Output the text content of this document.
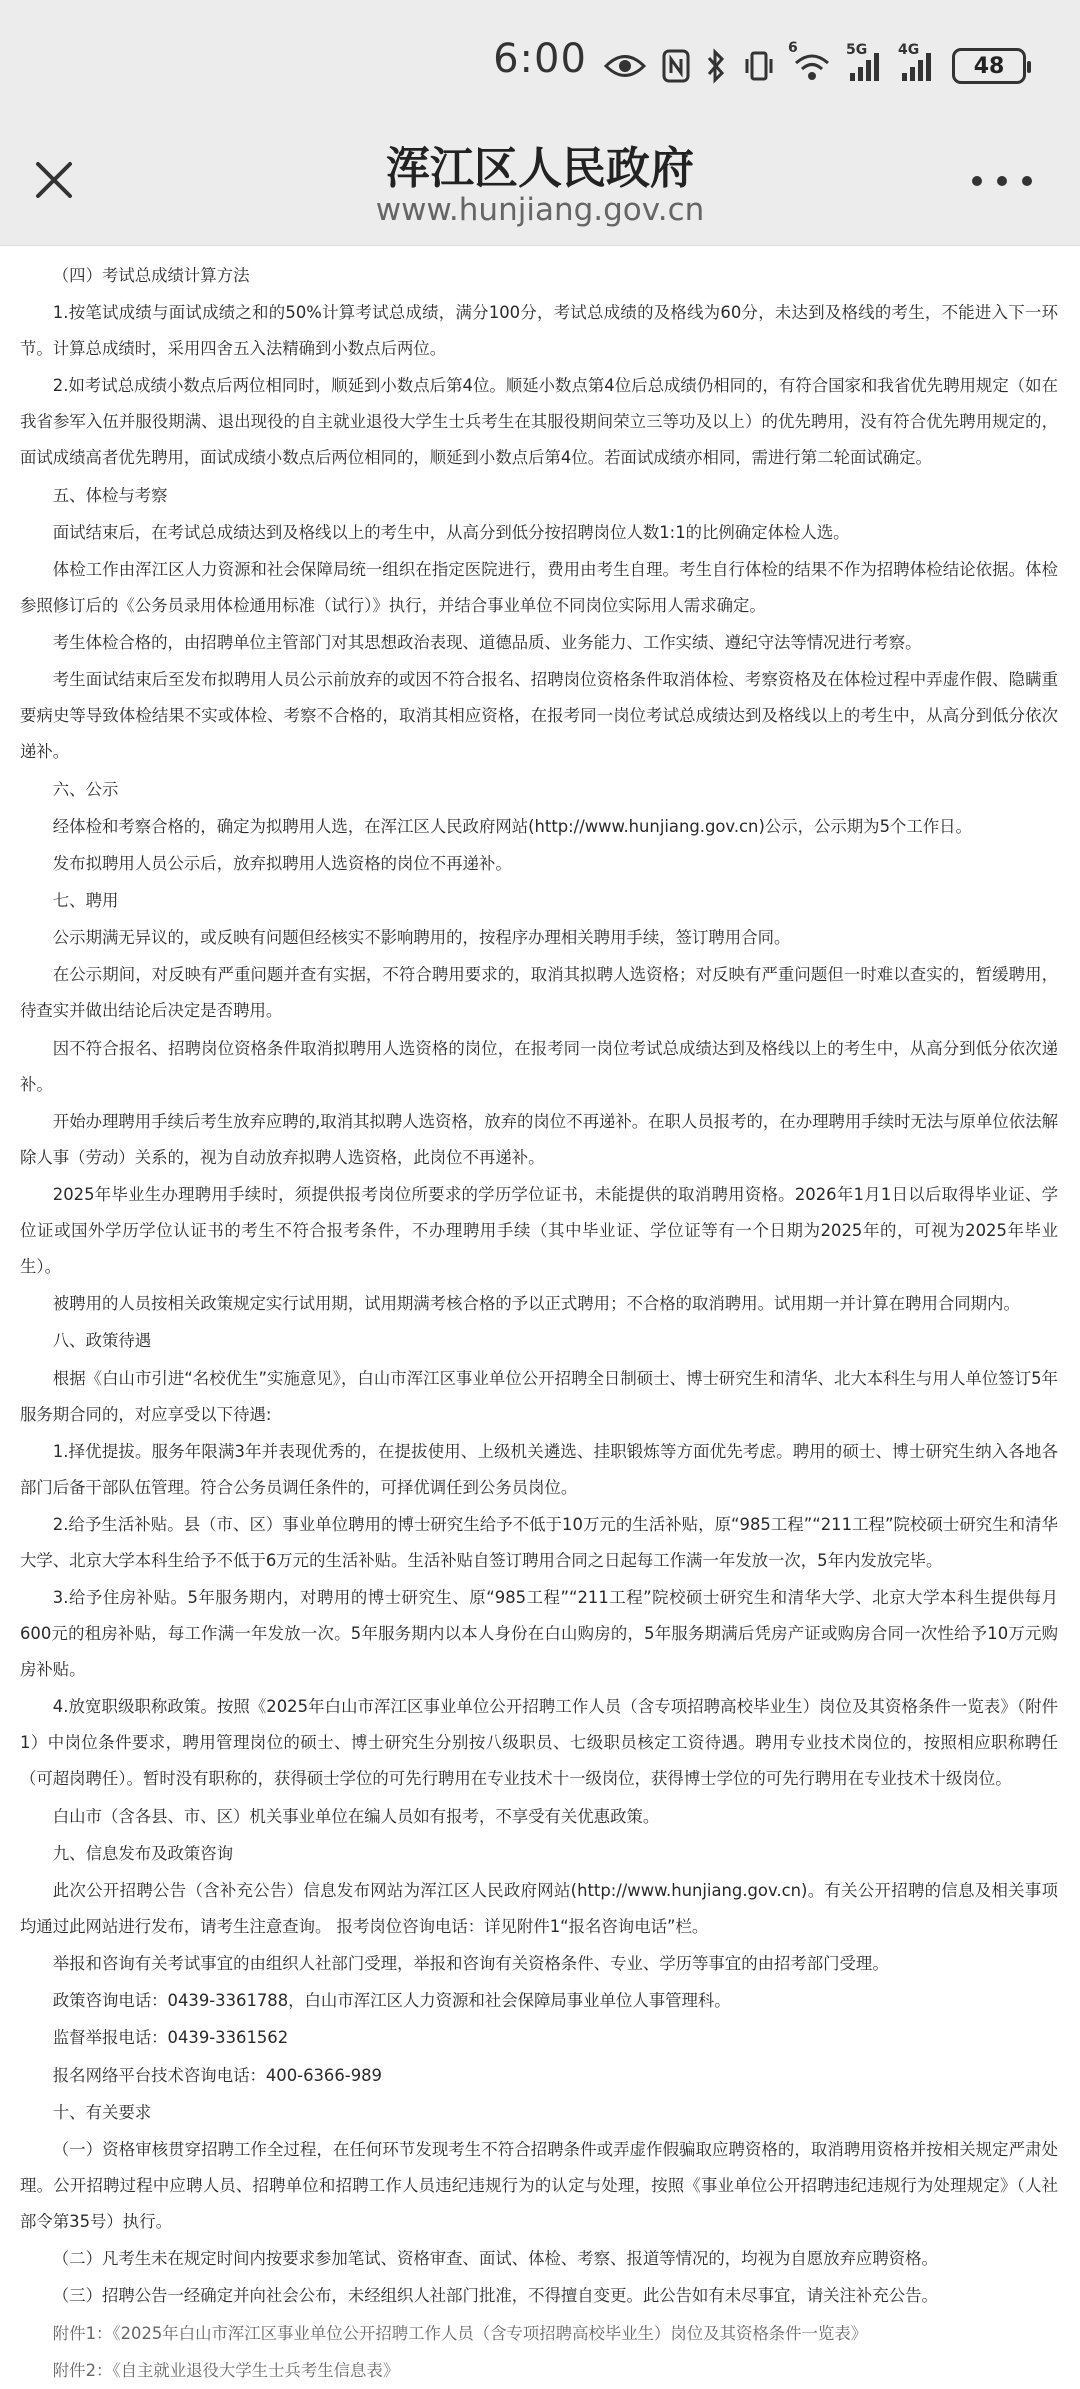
6:00	6	5G 4G
48
浑江区人民政府
www.hunjiang.gov.cn

（四）考试总成绩计算方法

1.按笔试成绩与面试成绩之和的50%计算考试总成绩，满分100分，考试总成绩的及格线为60分，未达到及格线的考生，不能进入下一环节。计算总成绩时，采用四舍五入法精确到小数点后两位。

2.如考试总成绩小数点后两位相同时，顺延到小数点后第4位。顺延小数点第4位后总成绩仍相同的，有符合国家和我省优先聘用规定（如在我省参军入伍并服役期满、退出现役的自主就业退役大学生士兵考生在其服役期间荣立三等功及以上）的优先聘用，没有符合优先聘用规定的，面试成绩高者优先聘用，面试成绩小数点后两位相同的，顺延到小数点后第4位。若面试成绩亦相同，需进行第二轮面试确定。

五、体检与考察

面试结束后，在考试总成绩达到及格线以上的考生中，从高分到低分按招聘岗位人数1:1的比例确定体检人选。

体检工作由浑江区人力资源和社会保障局统一组织在指定医院进行，费用由考生自理。考生自行体检的结果不作为招聘体检结论依据。体检参照修订后的《公务员录用体检通用标准（试行）》执行，并结合事业单位不同岗位实际用人需求确定。

考生体检合格的，由招聘单位主管部门对其思想政治表现、道德品质、业务能力、工作实绩、遵纪守法等情况进行考察。

考生面试结束后至发布拟聘用人员公示前放弃的或因不符合报名、招聘岗位资格条件取消体检、考察资格及在体检过程中弄虚作假、隐瞒重要病史等导致体检结果不实或体检、考察不合格的，取消其相应资格，在报考同一岗位考试总成绩达到及格线以上的考生中，从高分到低分依次递补。

六、公示

经体检和考察合格的，确定为拟聘用人选，在浑江区人民政府网站(http://www.hunjiang.gov.cn)公示，公示期为5个工作日。

发布拟聘用人员公示后，放弃拟聘用人选资格的岗位不再递补。

七、聘用

公示期满无异议的，或反映有问题但经核实不影响聘用的，按程序办理相关聘用手续，签订聘用合同。

在公示期间，对反映有严重问题并查有实据，不符合聘用要求的，取消其拟聘人选资格；对反映有严重问题但一时难以查实的，暂缓聘用，待查实并做出结论后决定是否聘用。

因不符合报名、招聘岗位资格条件取消拟聘用人选资格的岗位，在报考同一岗位考试总成绩达到及格线以上的考生中，从高分到低分依次递补。

开始办理聘用手续后考生放弃应聘的,取消其拟聘人选资格，放弃的岗位不再递补。在职人员报考的，在办理聘用手续时无法与原单位依法解除人事（劳动）关系的，视为自动放弃拟聘人选资格，此岗位不再递补。

2025年毕业生办理聘用手续时，须提供报考岗位所要求的学历学位证书，未能提供的取消聘用资格。2026年1月1日以后取得毕业证、学位证或国外学历学位认证书的考生不符合报考条件，不办理聘用手续（其中毕业证、学位证等有一个日期为2025年的，可视为2025年毕业生）。

被聘用的人员按相关政策规定实行试用期，试用期满考核合格的予以正式聘用；不合格的取消聘用。试用期一并计算在聘用合同期内。

八、政策待遇

根据《白山市引进“名校优生”实施意见》，白山市浑江区事业单位公开招聘全日制硕士、博士研究生和清华、北大本科生与用人单位签订5年服务期合同的，对应享受以下待遇:

1.择优提拔。服务年限满3年并表现优秀的，在提拔使用、上级机关遴选、挂职锻炼等方面优先考虑。聘用的硕士、博士研究生纳入各地各部门后备干部队伍管理。符合公务员调任条件的，可择优调任到公务员岗位。

2.给予生活补贴。县（市、区）事业单位聘用的博士研究生给予不低于10万元的生活补贴，原“985工程”“211工程”院校硕士研究生和清华大学、北京大学本科生给予不低于6万元的生活补贴。生活补贴自签订聘用合同之日起每工作满一年发放一次，5年内发放完毕。

3.给予住房补贴。5年服务期内，对聘用的博士研究生、原“985工程”“211工程”院校硕士研究生和清华大学、北京大学本科生提供每月600元的租房补贴，每工作满一年发放一次。5年服务期内以本人身份在白山购房的，5年服务期满后凭房产证或购房合同一次性给予10万元购房补贴。

4.放宽职级职称政策。按照《2025年白山市浑江区事业单位公开招聘工作人员（含专项招聘高校毕业生）岗位及其资格条件一览表》（附件1）中岗位条件要求，聘用管理岗位的硕士、博士研究生分别按八级职员、七级职员核定工资待遇。聘用专业技术岗位的，按照相应职称聘任（可超岗聘任）。暂时没有职称的，获得硕士学位的可先行聘用在专业技术十一级岗位，获得博士学位的可先行聘用在专业技术十级岗位。

白山市（含各县、市、区）机关事业单位在编人员如有报考，不享受有关优惠政策。

九、信息发布及政策咨询

此次公开招聘公告（含补充公告）信息发布网站为浑江区人民政府网站(http://www.hunjiang.gov.cn)。有关公开招聘的信息及相关事项均通过此网站进行发布，请考生注意查询。 报考岗位咨询电话：详见附件1“报名咨询电话”栏。

举报和咨询有关考试事宜的由组织人社部门受理，举报和咨询有关资格条件、专业、学历等事宜的由招考部门受理。

政策咨询电话：0439-3361788，白山市浑江区人力资源和社会保障局事业单位人事管理科。

监督举报电话：0439-3361562

报名网络平台技术咨询电话：400-6366-989

十、有关要求

（一）资格审核贯穿招聘工作全过程，在任何环节发现考生不符合招聘条件或弄虚作假骗取应聘资格的，取消聘用资格并按相关规定严肃处理。公开招聘过程中应聘人员、招聘单位和招聘工作人员违纪违规行为的认定与处理，按照《事业单位公开招聘违纪违规行为处理规定》（人社部令第35号）执行。

（二）凡考生未在规定时间内按要求参加笔试、资格审查、面试、体检、考察、报道等情况的，均视为自愿放弃应聘资格。

（三）招聘公告一经确定并向社会公布，未经组织人社部门批准，不得擅自变更。此公告如有未尽事宜，请关注补充公告。

附件1：《2025年白山市浑江区事业单位公开招聘工作人员（含专项招聘高校毕业生）岗位及其资格条件一览表》

附件2：《自主就业退役大学生士兵考生信息表》
